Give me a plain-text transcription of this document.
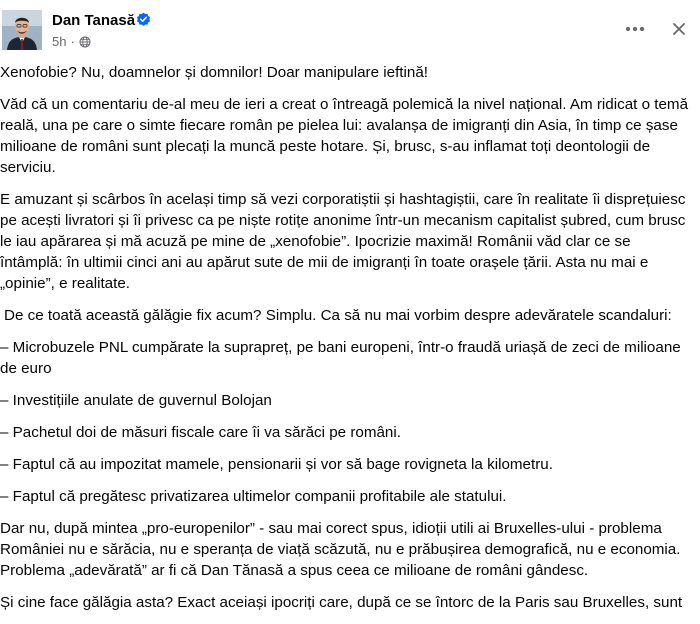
Dan Tanasă
5h ·

Xenofobie? Nu, doamnelor și domnilor! Doar manipulare ieftină!

Văd că un comentariu de-al meu de ieri a creat o întreagă polemică la nivel național. Am ridicat o temă reală, una pe care o simte fiecare român pe pielea lui: avalanșa de imigranți din Asia, în timp ce șase milioane de români sunt plecați la muncă peste hotare. Și, brusc, s-au inflamat toți deontologii de serviciu.

E amuzant și scârbos în același timp să vezi corporatiștii și hashtagiștii, care în realitate îi disprețuiesc pe acești livratori și îi privesc ca pe niște rotițe anonime într-un mecanism capitalist șubred, cum brusc le iau apărarea și mă acuză pe mine de „xenofobie”. Ipocrizie maximă! Românii văd clar ce se întâmplă: în ultimii cinci ani au apărut sute de mii de imigranți în toate orașele țării. Asta nu mai e „opinie”, e realitate.

De ce toată această gălăgie fix acum? Simplu. Ca să nu mai vorbim despre adevăratele scandaluri:

– Microbuzele PNL cumpărate la suprapreț, pe bani europeni, într-o fraudă uriașă de zeci de milioane de euro

– Investițiile anulate de guvernul Bolojan

– Pachetul doi de măsuri fiscale care îi va sărăci pe români.

– Faptul că au impozitat mamele, pensionarii și vor să bage rovigneta la kilometru.

– Faptul că pregătesc privatizarea ultimelor companii profitabile ale statului.

Dar nu, după mintea „pro-europenilor” - sau mai corect spus, idioții utili ai Bruxelles-ului - problema României nu e sărăcia, nu e speranța de viață scăzută, nu e prăbușirea demografică, nu e economia. Problema „adevărată” ar fi că Dan Tănasă a spus ceea ce milioane de români gândesc.

Și cine face gălăgia asta? Exact aceiași ipocriți care, după ce se întorc de la Paris sau Bruxelles, sunt
